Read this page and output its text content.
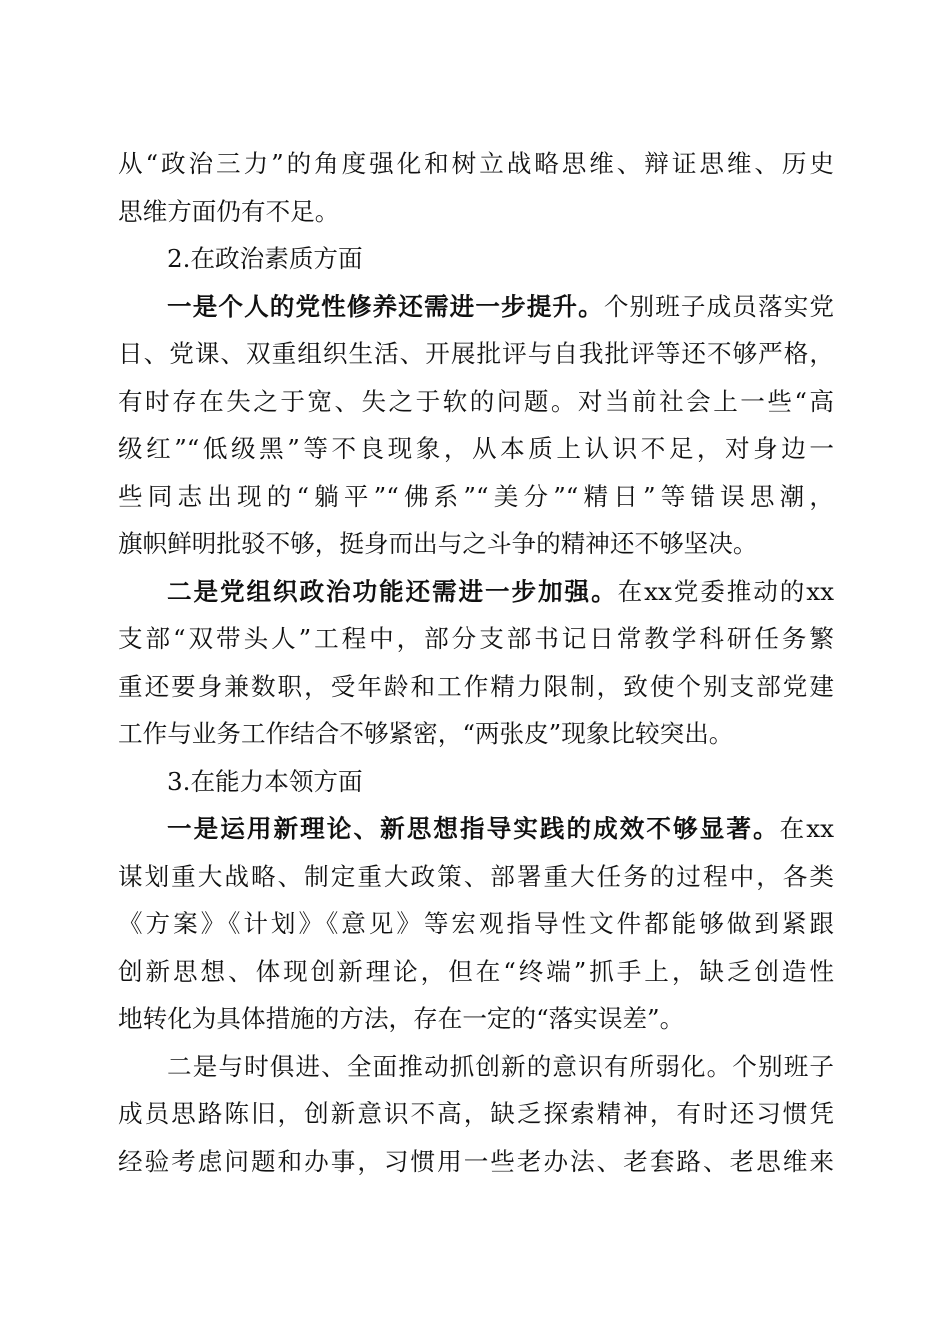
从“政治三力”的角度强化和树立战略思维、辩证思维、历史
思维方面仍有不足。
2.在政治素质方面
一是个人的党性修养还需进一步提升。个别班子成员落实党
日、党课、双重组织生活、开展批评与自我批评等还不够严格，
有时存在失之于宽、失之于软的问题。对当前社会上一些“高
级红”“低级黑”等不良现象，从本质上认识不足，对身边一
些同志出现的“躺平”“佛系”“美分”“精日”等错误思潮，
旗帜鲜明批驳不够，挺身而出与之斗争的精神还不够坚决。
二是党组织政治功能还需进一步加强。在xx党委推动的xx
支部“双带头人”工程中，部分支部书记日常教学科研任务繁
重还要身兼数职，受年龄和工作精力限制，致使个别支部党建
工作与业务工作结合不够紧密，“两张皮”现象比较突出。
3.在能力本领方面
一是运用新理论、新思想指导实践的成效不够显著。在xx
谋划重大战略、制定重大政策、部署重大任务的过程中，各类
《方案》《计划》《意见》等宏观指导性文件都能够做到紧跟
创新思想、体现创新理论，但在“终端”抓手上，缺乏创造性
地转化为具体措施的方法，存在一定的“落实误差”。
二是与时俱进、全面推动抓创新的意识有所弱化。个别班子
成员思路陈旧，创新意识不高，缺乏探索精神，有时还习惯凭
经验考虑问题和办事，习惯用一些老办法、老套路、老思维来
